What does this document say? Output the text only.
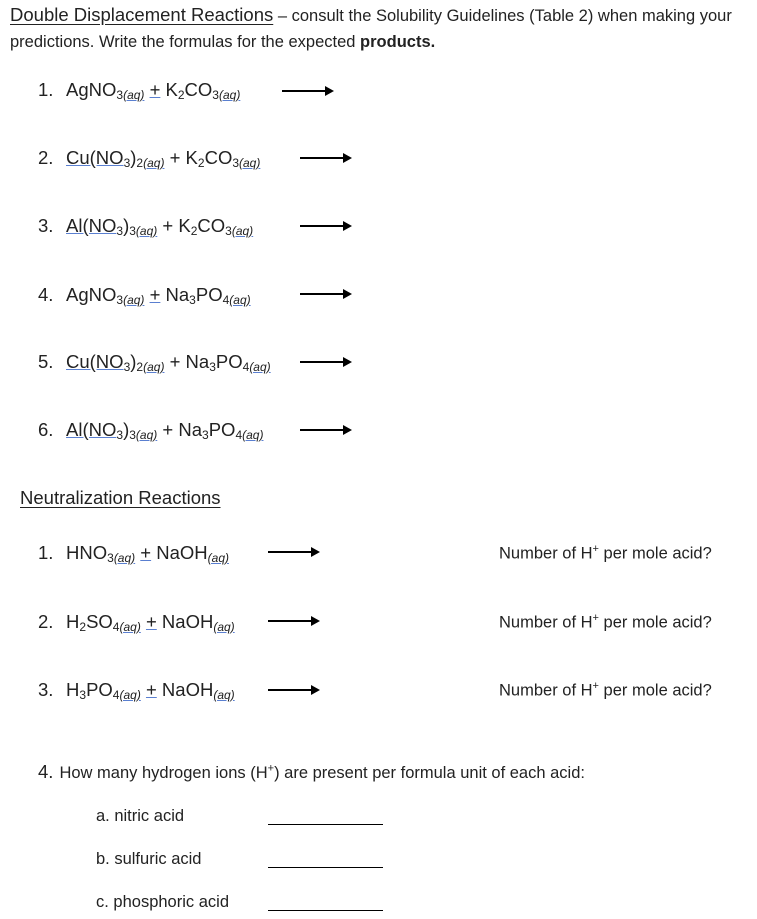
Double Displacement Reactions – consult the Solubility Guidelines (Table 2) when making your predictions. Write the formulas for the expected products.
1. AgNO$_3$(aq) + $K_2CO_3(aq)$
2. $Cu(NO_3)_2(aq) + K_2CO_3(aq)$
3. $Al(NO_3)_3(aq) + K_2CO_3(aq)$
4. AgNO$_3$(aq) + $Na_3PO_4(aq)$
5. $Cu(NO_3)_2(aq) + Na_3PO_4(aq)$
6. $Al(NO_3)_3(aq) + Na_3PO_4(aq)$
Neutralization Reactions
1. $HNO_3(aq)$ + NaOH(aq)	Number of H+ per mole acid?
2. $H_2SO_4(aq)$ + NaOH(aq)	Number of H+ per mole acid?
3. $H_3PO_4(aq)$ + NaOH(aq)	Number of H+ per mole acid?
4. How many hydrogen ions (H+) are present per formula unit of each acid:
a. nitric acid
b. sulfuric acid
c. phosphoric acid
